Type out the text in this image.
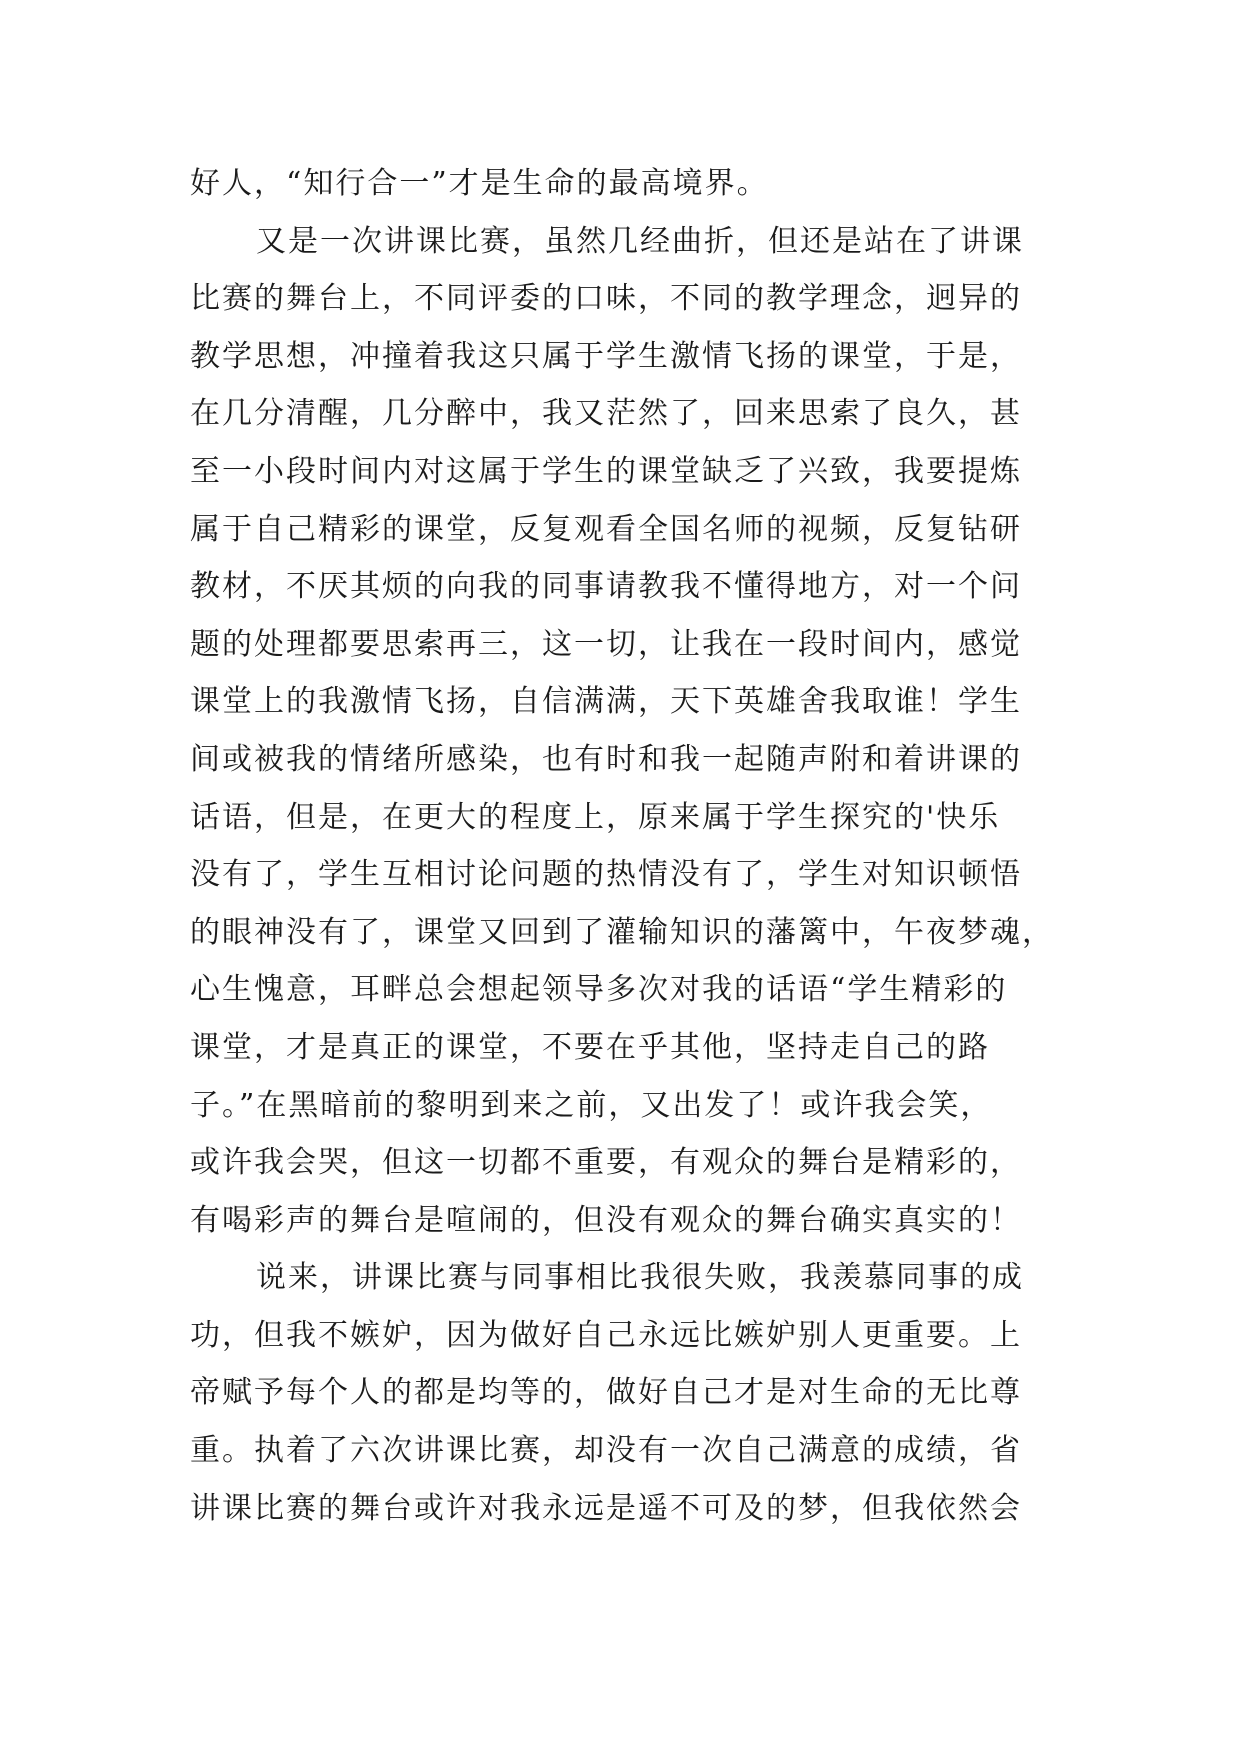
好人，“知行合一”才是生命的最高境界。
又是一次讲课比赛，虽然几经曲折，但还是站在了讲课
比赛的舞台上，不同评委的口味，不同的教学理念，迥异的
教学思想，冲撞着我这只属于学生激情飞扬的课堂，于是，
在几分清醒，几分醉中，我又茫然了，回来思索了良久，甚
至一小段时间内对这属于学生的课堂缺乏了兴致，我要提炼
属于自己精彩的课堂，反复观看全国名师的视频，反复钻研
教材，不厌其烦的向我的同事请教我不懂得地方，对一个问
题的处理都要思索再三，这一切，让我在一段时间内，感觉
课堂上的我激情飞扬，自信满满，天下英雄舍我取谁！学生
间或被我的情绪所感染，也有时和我一起随声附和着讲课的
话语，但是，在更大的程度上，原来属于学生探究的'快乐
没有了，学生互相讨论问题的热情没有了，学生对知识顿悟
的眼神没有了，课堂又回到了灌输知识的藩篱中，午夜梦魂，
心生愧意，耳畔总会想起领导多次对我的话语“学生精彩的
课堂，才是真正的课堂，不要在乎其他，坚持走自己的路
子。”在黑暗前的黎明到来之前，又出发了！或许我会笑，
或许我会哭，但这一切都不重要，有观众的舞台是精彩的，
有喝彩声的舞台是喧闹的，但没有观众的舞台确实真实的！
说来，讲课比赛与同事相比我很失败，我羡慕同事的成
功，但我不嫉妒，因为做好自己永远比嫉妒别人更重要。上
帝赋予每个人的都是均等的，做好自己才是对生命的无比尊
重。执着了六次讲课比赛，却没有一次自己满意的成绩，省
讲课比赛的舞台或许对我永远是遥不可及的梦，但我依然会
